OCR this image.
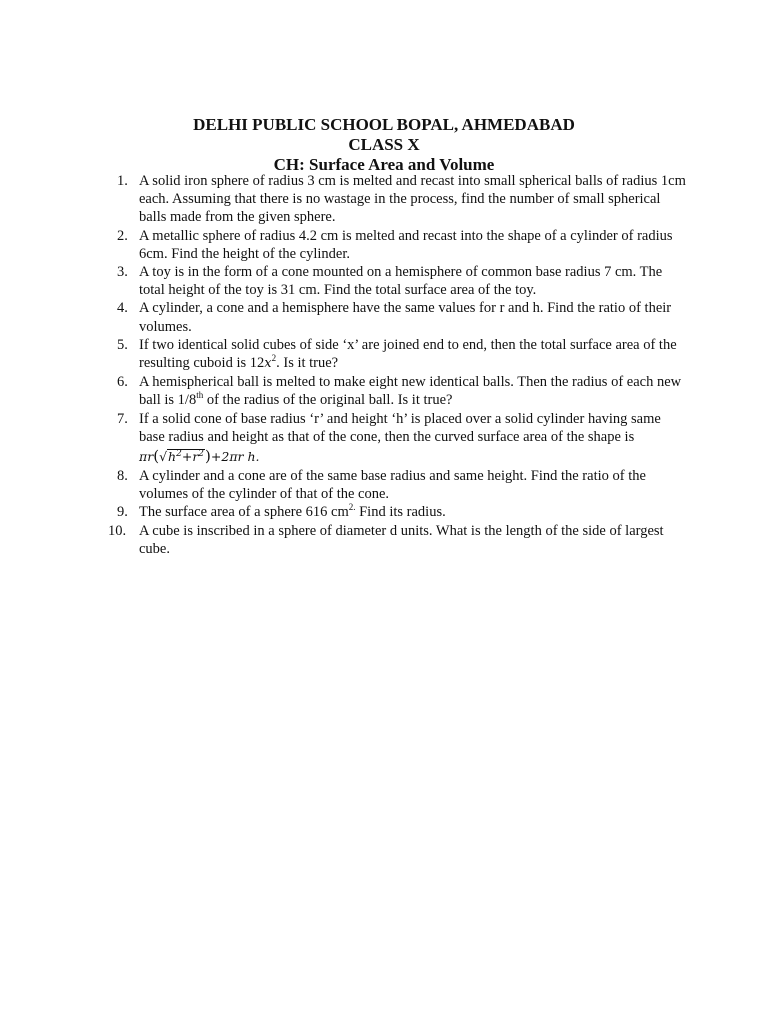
DELHI PUBLIC SCHOOL BOPAL, AHMEDABAD
CLASS X
CH: Surface Area and Volume
1. A solid iron sphere of radius 3 cm is melted and recast into small spherical balls of radius 1cm each. Assuming that there is no wastage in the process, find the number of small spherical balls made from the given sphere.
2. A metallic sphere of radius 4.2 cm is melted and recast into the shape of a cylinder of radius 6cm. Find the height of the cylinder.
3. A toy is in the form of a cone mounted on a hemisphere of common base radius 7 cm. The total height of the toy is 31 cm. Find the total surface area of the toy.
4. A cylinder, a cone and a hemisphere have the same values for r and h. Find the ratio of their volumes.
5. If two identical solid cubes of side ‘x’ are joined end to end, then the total surface area of the resulting cuboid is $12x^2$. Is it true?
6. A hemispherical ball is melted to make eight new identical balls. Then the radius of each new ball is 1/8th of the radius of the original ball. Is it true?
7. If a solid cone of base radius ‘r’ and height ‘h’ is placed over a solid cylinder having same base radius and height as that of the cone, then the curved surface area of the shape is
$\pi r(√h^2+r^2)+2\pi r$ h.
8. A cylinder and a cone are of the same base radius and same height. Find the ratio of the volumes of the cylinder of that of the cone.
9. The surface area of a sphere 616 $cm^{2.}$ Find its radius.
10. A cube is inscribed in a sphere of diameter d units. What is the length of the side of largest cube.
